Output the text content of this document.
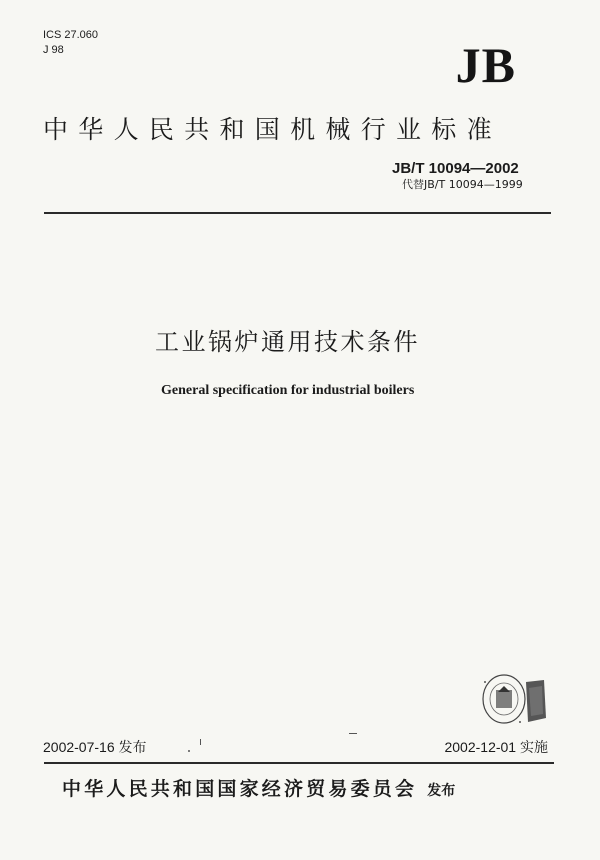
ICS 27.060
J 98	JB
中华人民共和国机械行业标准
JB/T 10094—2002
代替JB/T 10094—1999
工业锅炉通用技术条件
General specification for industrial boilers
2002-07-16 发布	2002-12-01 实施
中华人民共和国国家经济贸易委员会 发布
